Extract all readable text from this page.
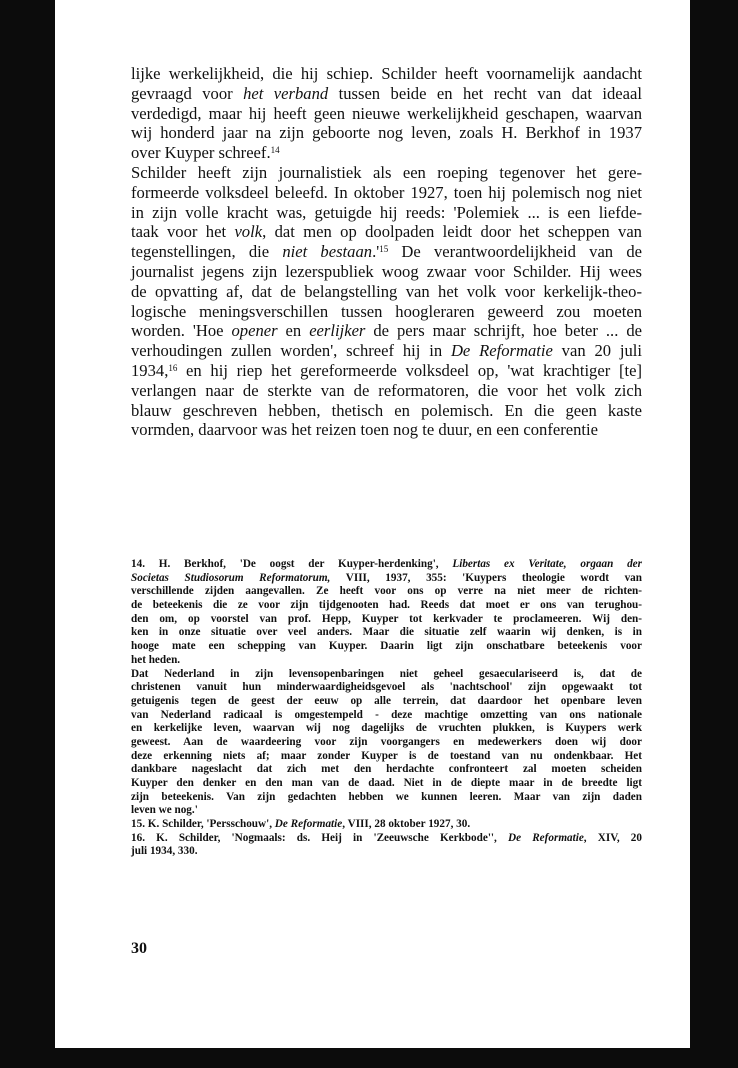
lijke werkelijkheid, die hij schiep. Schilder heeft voornamelijk aandacht
gevraagd voor het verband tussen beide en het recht van dat ideaal
verdedigd, maar hij heeft geen nieuwe werkelijkheid geschapen, waarvan
wij honderd jaar na zijn geboorte nog leven, zoals H. Berkhof in 1937
over Kuyper schreef.$^{14}$
Schilder heeft zijn journalistiek als een roeping tegenover het gere-
formeerde volksdeel beleefd. In oktober 1927, toen hij polemisch nog niet
in zijn volle kracht was, getuigde hij reeds: 'Polemiek ... is een liefde-
taak voor het volk, dat men op doolpaden leidt door het scheppen van
tegenstellingen, die niet $bestaan.'^{15}$ De verantwoordelijkheid van de
journalist jegens zijn lezerspubliek woog zwaar voor Schilder. Hij wees
de opvatting af, dat de belangstelling van het volk voor kerkelijk-theo-
logische meningsverschillen tussen hoogleraren geweerd zou moeten
worden. 'Hoe opener en eerlijker de pers maar schrijft, hoe beter ... de
verhoudingen zullen worden', schreef hij in De Reformatie van 20 juli
1934,16 en hij riep het gereformeerde volksdeel op, 'wat krachtiger [te]
verlangen naar de sterkte van de reformatoren, die voor het volk zich
blauw geschreven hebben, thetisch en polemisch. En die geen kaste
vormden, daarvoor was het reizen toen nog te duur, en een conferentie
14. H. Berkhof, 'De oogst der Kuyper-herdenking', Libertas ex Veritate, orgaan der
Societas Studiosorum Reformatorum, VIII, 1937, 355: 'Kuypers theologie wordt van
verschillende zijden aangevallen. Ze heeft voor ons op verre na niet meer de richten-
de beteekenis die ze voor zijn tijdgenooten had. Reeds dat moet er ons van terughou-
den om, op voorstel van prof. Hepp, Kuyper tot kerkvader te proclameeren. Wij den-
ken in onze situatie over veel anders. Maar die situatie zelf waarin wij denken, is in
hooge mate een schepping van Kuyper. Daarin ligt zijn onschatbare beteekenis voor
het heden.
Dat Nederland in zijn levensopenbaringen niet geheel gesaeculariseerd is, dat de
christenen vanuit hun minderwaardigheidsgevoel als 'nachtschool' zijn opgewaakt tot
getuigenis tegen de geest der eeuw op alle terrein, dat daardoor het openbare leven
van Nederland radicaal is omgestempeld - deze machtige omzetting van ons nationale
en kerkelijke leven, waarvan wij nog dagelijks de vruchten plukken, is Kuypers werk
geweest. Aan de waardeering voor zijn voorgangers en medewerkers doen wij door
deze erkenning niets af; maar zonder Kuyper is de toestand van nu ondenkbaar. Het
dankbare nageslacht dat zich met den herdachte confronteert zal moeten scheiden
Kuyper den denker en den man van de daad. Niet in de diepte maar in de breedte ligt
zijn beteekenis. Van zijn gedachten hebben we kunnen leeren. Maar van zijn daden
leven we nog.'
15. K. Schilder, 'Persschouw', De Reformatie, VIII, 28 oktober 1927, 30.
16. K. Schilder, 'Nogmaals: ds. Heij in 'Zeeuwsche Kerkbode'', De Reformatie, XIV, 20
juli 1934, 330.
30
